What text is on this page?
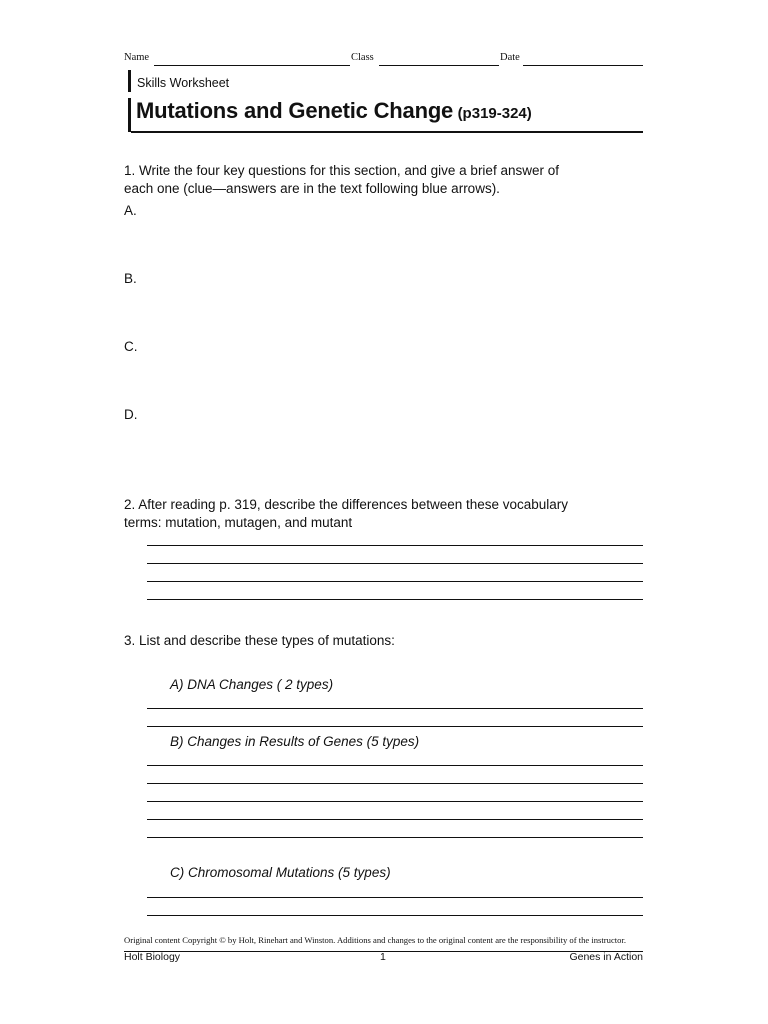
Name	Class	Date
Skills Worksheet
Mutations and Genetic Change (p319-324)
1. Write the four key questions for this section, and give a brief answer of
each one (clue—answers are in the text following blue arrows).
A.
B.
C.
D.
2. After reading p. 319, describe the differences between these vocabulary
terms: mutation, mutagen, and mutant
3. List and describe these types of mutations:
A) DNA Changes ( 2 types)
B) Changes in Results of Genes (5 types)
C) Chromosomal Mutations (5 types)
Original content Copyright © by Holt, Rinehart and Winston. Additions and changes to the original content are the responsibility of the instructor.
Holt Biology	1	Genes in Action
